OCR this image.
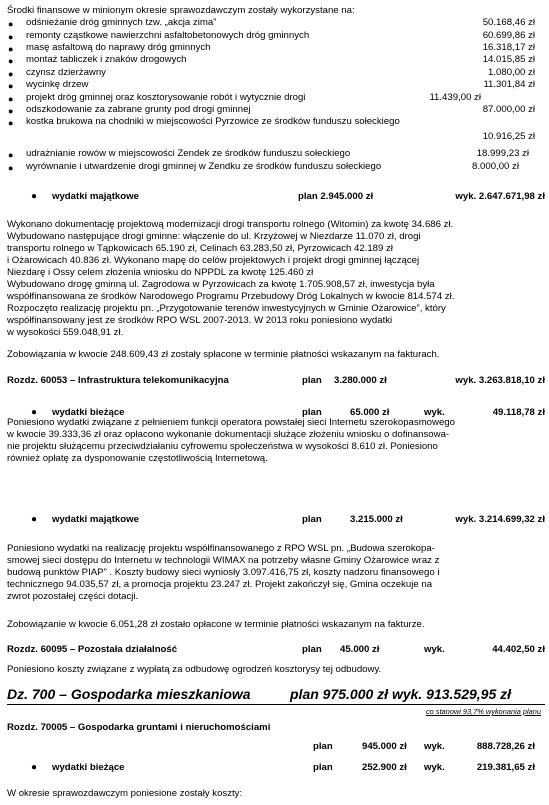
Środki finansowe w minionym okresie sprawozdawczym zostały wykorzystane na:
● odśnieżanie dróg gminnych tzw. „akcja zima”	50.168,46 zł
● remonty cząstkowe nawierzchni asfaltobetonowych dróg gminnych	60.699,86 zł
● masę asfaltową do naprawy dróg gminnych	16.318,17 zł
● montaż tabliczek i znaków drogowych	14.015,85 zł
● czynsz dzierżawny	1.080,00 zł
● wycinkę drzew	11.301,84 zł
● projekt dróg gminnej oraz kosztorysowanie robót i wytycznie drogi	11.439,00 zł
● odszkodowanie za zabrane grunty pod drogi gminnej	87.000,00 zł
● kostka brukowa na chodniki w miejscowości Pyrzowice ze środków funduszu sołeckiego
10.916,25 zł
● udrażnianie rowów w miejscowości Zendek ze środków funduszu sołeckiego	18.999,23 zł
● wyrównanie i utwardzenie drogi gminnej w Zendku ze środków funduszu sołeckiego	8.000,00 zł
● wydatki majątkowe	plan 2.945.000 zł	wyk. 2.647.671,98 zł
Wykonano dokumentację projektową modernizacji drogi transportu rolnego (Witomin) za kwotę 34.686 zł.
Wybudowano następujące drogi gminne: włączenie do ul. Krzyżowej w Niezdarze 11.070 zł, drogi
transportu rolnego w Tąpkowicach 65.190 zł, Celinach 63.283,50 zł, Pyrzowicach 42.189 zł
i Ożarowicach 40.836 zł. Wykonano mapę do celów projektowych i projekt drogi gminnej łączącej
Niezdarę i Ossy celem złożenia wniosku do NPPDL za kwotę 125.460 zł
Wybudowano drogę gminną ul. Zagrodowa w Pyrzowicach za kwotę 1.705.908,57 zł, inwestycja była
współfinansowana ze środków Narodowego Programu Przebudowy Dróg Lokalnych w kwocie 814.574 zł.
Rozpoczęto realizację projektu pn. „Przygotowanie terenów inwestycyjnych w Gminie Ożarowice”, który
współfinansowany jest ze środków RPO WSL 2007-2013. W 2013 roku poniesiono wydatki
w wysokości 559.048,91 zł.
Zobowiązania w kwocie 248.609,43 zł zostały spłacone w terminie płatności wskazanym na fakturach.
Rozdz. 60053 – Infrastruktura telekomunikacyjna	plan 3.280.000 zł	wyk. 3.263.818,10 zł
● wydatki bieżące	plan	65.000 zł	wyk.	49.118,78 zł
Poniesiono wydatki związane z pełnieniem funkcji operatora powstałej sieci Internetu szerokopasmowego
w kwocie 39.333,36 zł oraz opłacono wykonanie dokumentacji służące złożeniu wniosku o dofinansowa-
nie projektu służącemu przeciwdziałaniu cyfrowemu społeczeństwa w wysokości 8.610 zł. Poniesiono
również opłatę za dysponowanie częstotliwością Internetową.
● wydatki majątkowe	plan	3.215.000 zł	wyk. 3.214.699,32 zł
Poniesiono wydatki na realizację projektu współfinansowanego z RPO WSL pn. „Budowa szerokopa-
smowej sieci dostępu do Internetu w technologii WIMAX na potrzeby własne Gminy Ożarowice wraz z
budową punktów PIAP” . Koszty budowy sieci wyniosły 3.097.416,75 zł, koszty nadzoru finansowego i
technicznego 94.035,57 zł, a promocja projektu 23.247 zł. Projekt zakończył się, Gmina oczekuje na
zwrot pozostałej części dotacji.
Zobowiązanie w kwocie 6.051,28 zł zostało opłacone w terminie płatności wskazanym na fakturze.
Rozdz. 60095 – Pozostała działalność	plan 45.000 zł	wyk.	44.402,50 zł
Poniesiono koszty związane z wypłatą za odbudowę ogrodzeń kosztorysy tej odbudowy.
Dz. 700 – Gospodarka mieszkaniowa	plan 975.000 zł wyk. 913.529,95 zł
co stanowi 93,7% wykonania planu
Rozdz. 70005 – Gospodarka gruntami i nieruchomościami
plan	945.000 zł wyk.	888.728,26 zł
● wydatki bieżące	plan	252.900 zł wyk.	219.381,65 zł
W okresie sprawozdawczym poniesione zostały koszty:
